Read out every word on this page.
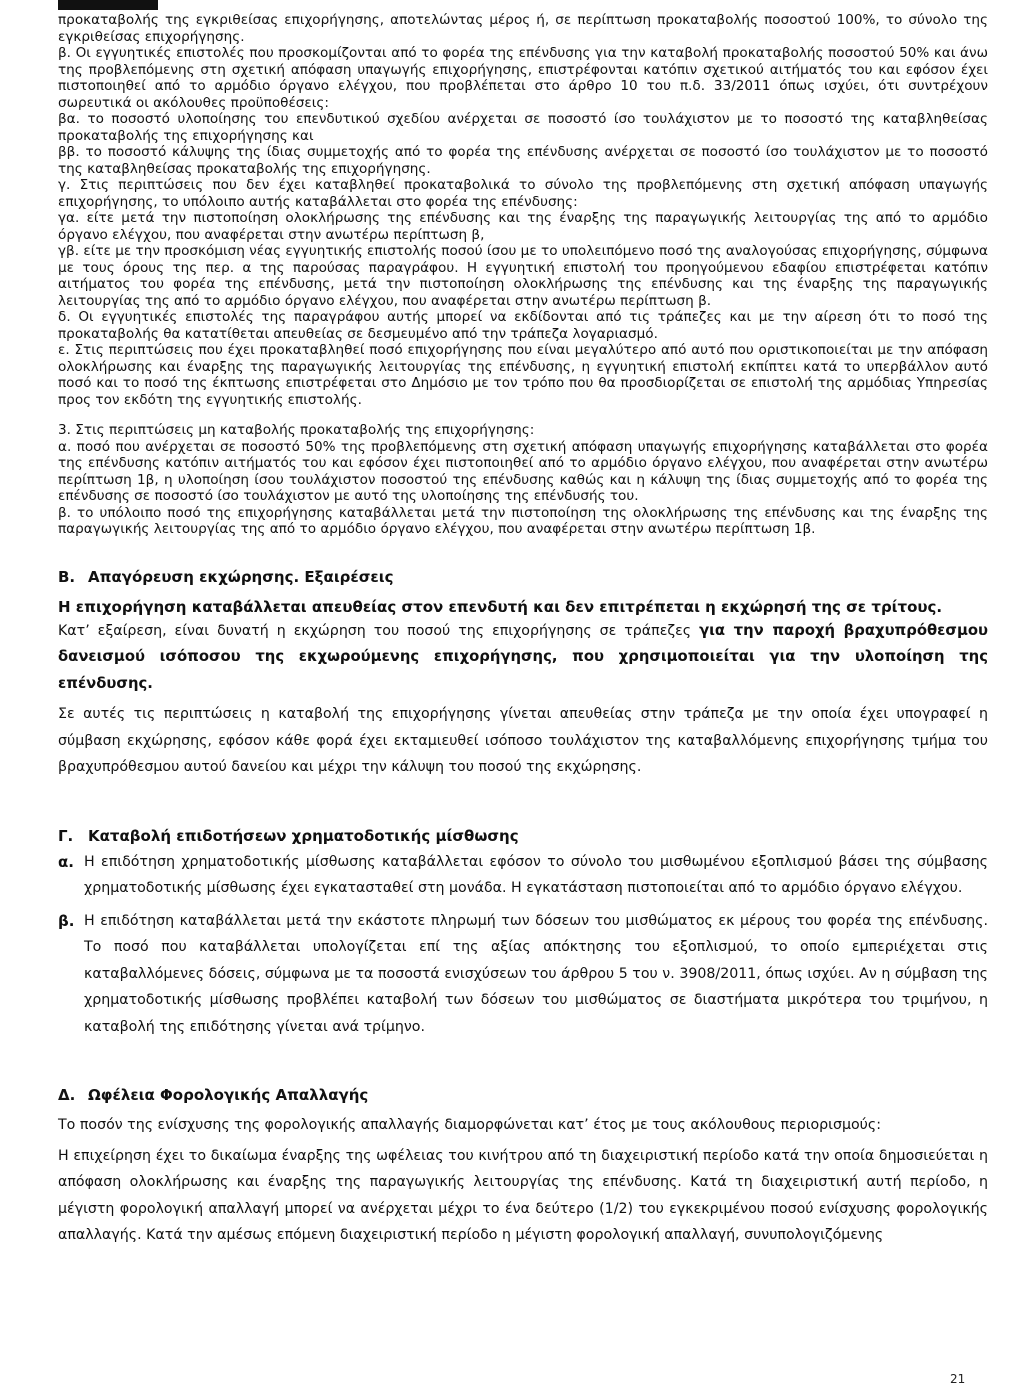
προκαταβολής της εγκριθείσας επιχορήγησης, αποτελώντας μέρος ή, σε περίπτωση προκαταβολής ποσοστού 100%, το σύνολο της εγκριθείσας επιχορήγησης.

β. Οι εγγυητικές επιστολές που προσκομίζονται από το φορέα της επένδυσης για την καταβολή προκαταβολής ποσοστού 50% και άνω της προβλεπόμενης στη σχετική απόφαση υπαγωγής επιχορήγησης, επιστρέφονται κατόπιν σχετικού αιτήματός του και εφόσον έχει πιστοποιηθεί από το αρμόδιο όργανο ελέγχου, που προβλέπεται στο άρθρο 10 του π.δ. 33/2011 όπως ισχύει, ότι συντρέχουν σωρευτικά οι ακόλουθες προϋποθέσεις:

βα. το ποσοστό υλοποίησης του επενδυτικού σχεδίου ανέρχεται σε ποσοστό ίσο τουλάχιστον με το ποσοστό της καταβληθείσας προκαταβολής της επιχορήγησης και

ββ. το ποσοστό κάλυψης της ίδιας συμμετοχής από το φορέα της επένδυσης ανέρχεται σε ποσοστό ίσο τουλάχιστον με το ποσοστό της καταβληθείσας προκαταβολής της επιχορήγησης.

γ. Στις περιπτώσεις που δεν έχει καταβληθεί προκαταβολικά το σύνολο της προβλεπόμενης στη σχετική απόφαση υπαγωγής επιχορήγησης, το υπόλοιπο αυτής καταβάλλεται στο φορέα της επένδυσης:

γα. είτε μετά την πιστοποίηση ολοκλήρωσης της επένδυσης και της έναρξης της παραγωγικής λειτουργίας της από το αρμόδιο όργανο ελέγχου, που αναφέρεται στην ανωτέρω περίπτωση β,

γβ. είτε με την προσκόμιση νέας εγγυητικής επιστολής ποσού ίσου με το υπολειπόμενο ποσό της αναλογούσας επιχορήγησης, σύμφωνα με τους όρους της περ. α της παρούσας παραγράφου. Η εγγυητική επιστολή του προηγούμενου εδαφίου επιστρέφεται κατόπιν αιτήματος του φορέα της επένδυσης, μετά την πιστοποίηση ολοκλήρωσης της επένδυσης και της έναρξης της παραγωγικής λειτουργίας της από το αρμόδιο όργανο ελέγχου, που αναφέρεται στην ανωτέρω περίπτωση β.

δ. Οι εγγυητικές επιστολές της παραγράφου αυτής μπορεί να εκδίδονται από τις τράπεζες και με την αίρεση ότι το ποσό της προκαταβολής θα κατατίθεται απευθείας σε δεσμευμένο από την τράπεζα λογαριασμό.

ε. Στις περιπτώσεις που έχει προκαταβληθεί ποσό επιχορήγησης που είναι μεγαλύτερο από αυτό που οριστικοποιείται με την απόφαση ολοκλήρωσης και έναρξης της παραγωγικής λειτουργίας της επένδυσης, η εγγυητική επιστολή εκπίπτει κατά το υπερβάλλον αυτό ποσό και το ποσό της έκπτωσης επιστρέφεται στο Δημόσιο με τον τρόπο που θα προσδιορίζεται σε επιστολή της αρμόδιας Υπηρεσίας προς τον εκδότη της εγγυητικής επιστολής.

3. Στις περιπτώσεις μη καταβολής προκαταβολής της επιχορήγησης:

α. ποσό που ανέρχεται σε ποσοστό 50% της προβλεπόμενης στη σχετική απόφαση υπαγωγής επιχορήγησης καταβάλλεται στο φορέα της επένδυσης κατόπιν αιτήματός του και εφόσον έχει πιστοποιηθεί από το αρμόδιο όργανο ελέγχου, που αναφέρεται στην ανωτέρω περίπτωση 1β, η υλοποίηση ίσου τουλάχιστον ποσοστού της επένδυσης καθώς και η κάλυψη της ίδιας συμμετοχής από το φορέα της επένδυσης σε ποσοστό ίσο τουλάχιστον με αυτό της υλοποίησης της επένδυσής του.

β. το υπόλοιπο ποσό της επιχορήγησης καταβάλλεται μετά την πιστοποίηση της ολοκλήρωσης της επένδυσης και της έναρξης της παραγωγικής λειτουργίας της από το αρμόδιο όργανο ελέγχου, που αναφέρεται στην ανωτέρω περίπτωση 1β.

Β. Απαγόρευση εκχώρησης. Εξαιρέσεις

Η επιχορήγηση καταβάλλεται απευθείας στον επενδυτή και δεν επιτρέπεται η εκχώρησή της σε τρίτους.

Κατ’ εξαίρεση, είναι δυνατή η εκχώρηση του ποσού της επιχορήγησης σε τράπεζες για την παροχή βραχυπρόθεσμου δανεισμού ισόποσου της εκχωρούμενης επιχορήγησης, που χρησιμοποιείται για την υλοποίηση της επένδυσης.

Σε αυτές τις περιπτώσεις η καταβολή της επιχορήγησης γίνεται απευθείας στην τράπεζα με την οποία έχει υπογραφεί η σύμβαση εκχώρησης, εφόσον κάθε φορά έχει εκταμιευθεί ισόποσο τουλάχιστον της καταβαλλόμενης επιχορήγησης τμήμα του βραχυπρόθεσμου αυτού δανείου και μέχρι την κάλυψη του ποσού της εκχώρησης.

Γ. Καταβολή επιδοτήσεων χρηματοδοτικής μίσθωσης

α. Η επιδότηση χρηματοδοτικής μίσθωσης καταβάλλεται εφόσον το σύνολο του μισθωμένου εξοπλισμού βάσει της σύμβασης χρηματοδοτικής μίσθωσης έχει εγκατασταθεί στη μονάδα. Η εγκατάσταση πιστοποιείται από το αρμόδιο όργανο ελέγχου.
β. Η επιδότηση καταβάλλεται μετά την εκάστοτε πληρωμή των δόσεων του μισθώματος εκ μέρους του φορέα της επένδυσης. Το ποσό που καταβάλλεται υπολογίζεται επί της αξίας απόκτησης του εξοπλισμού, το οποίο εμπεριέχεται στις καταβαλλόμενες δόσεις, σύμφωνα με τα ποσοστά ενισχύσεων του άρθρου 5 του ν. 3908/2011, όπως ισχύει. Αν η σύμβαση της χρηματοδοτικής μίσθωσης προβλέπει καταβολή των δόσεων του μισθώματος σε διαστήματα μικρότερα του τριμήνου, η καταβολή της επιδότησης γίνεται ανά τρίμηνο.

Δ. Ωφέλεια Φορολογικής Απαλλαγής

Το ποσόν της ενίσχυσης της φορολογικής απαλλαγής διαμορφώνεται κατ’ έτος με τους ακόλουθους περιορισμούς:

Η επιχείρηση έχει το δικαίωμα έναρξης της ωφέλειας του κινήτρου από τη διαχειριστική περίοδο κατά την οποία δημοσιεύεται η απόφαση ολοκλήρωσης και έναρξης της παραγωγικής λειτουργίας της επένδυσης. Κατά τη διαχειριστική αυτή περίοδο, η μέγιστη φορολογική απαλλαγή μπορεί να ανέρχεται μέχρι το ένα δεύτερο (1/2) του εγκεκριμένου ποσού ενίσχυσης φορολογικής απαλλαγής. Κατά την αμέσως επόμενη διαχειριστική περίοδο η μέγιστη φορολογική απαλλαγή, συνυπολογιζόμενης

21
